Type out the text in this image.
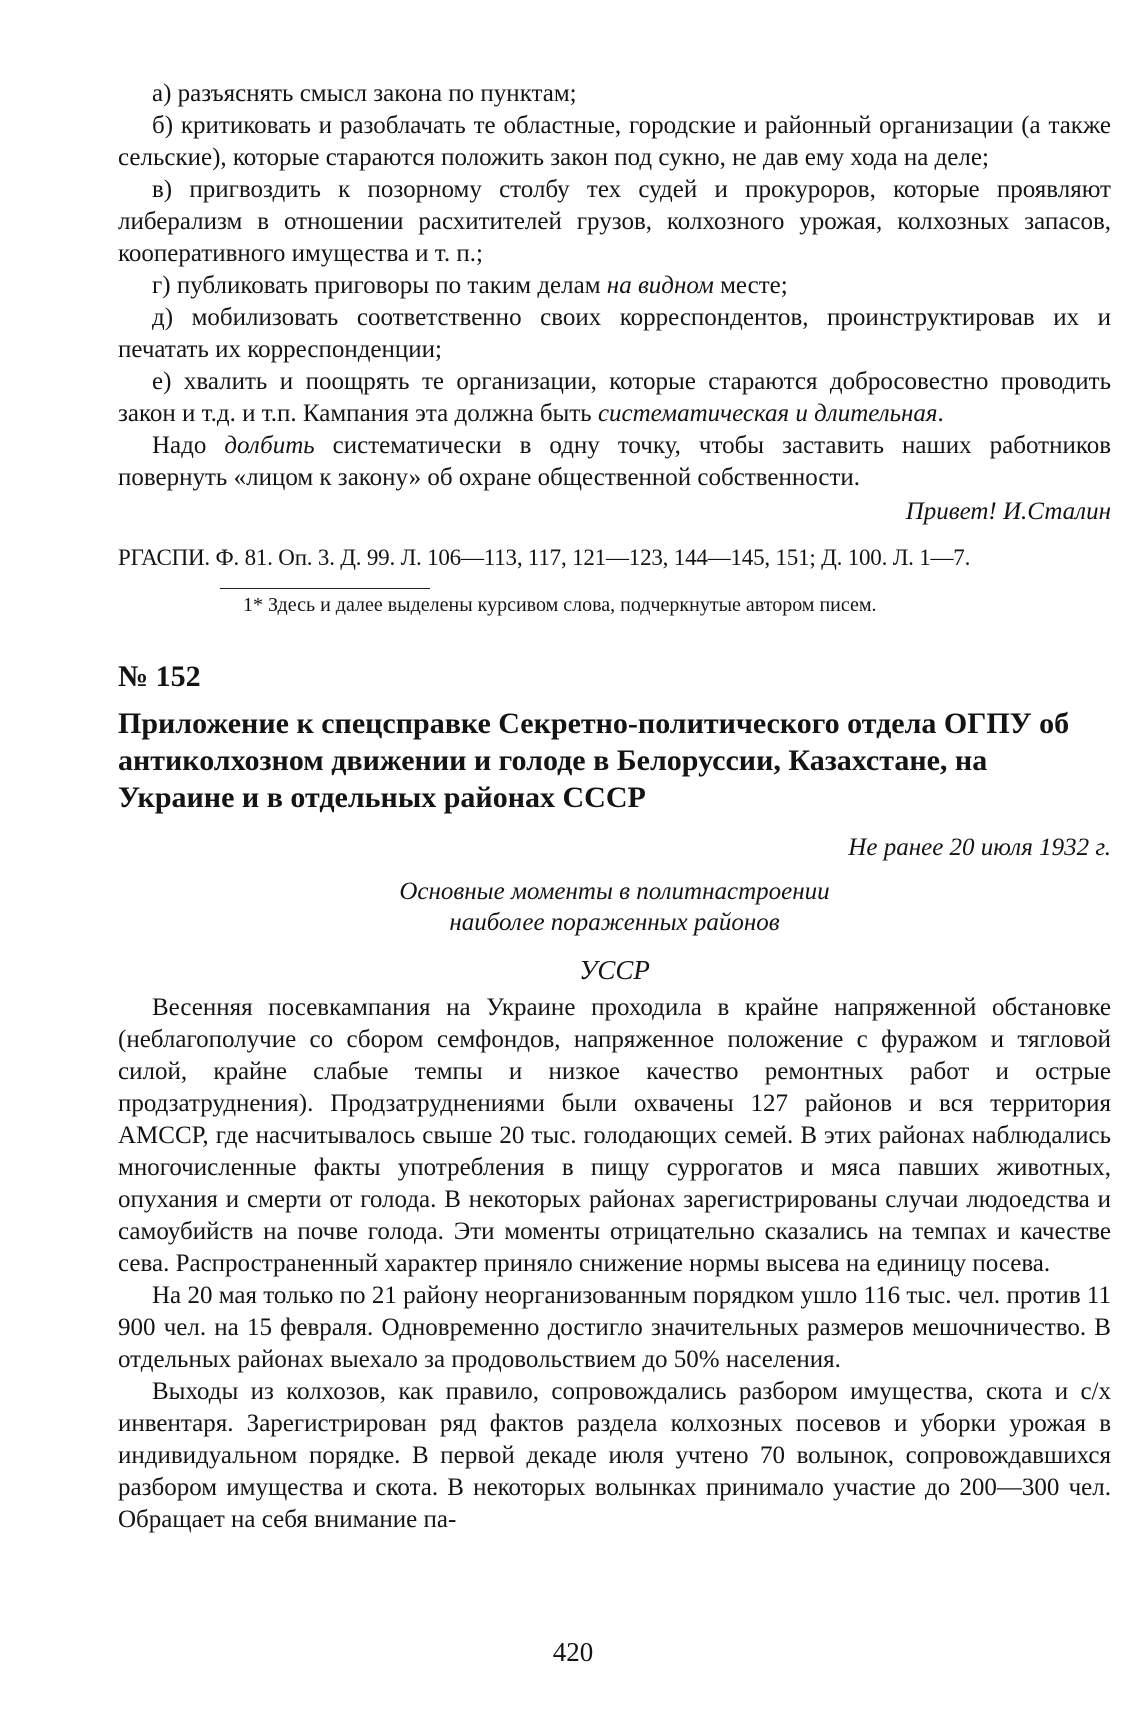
а) разъяснять смысл закона по пунктам;

б) критиковать и разоблачать те областные, городские и районный организации (а также сельские), которые стараются положить закон под сукно, не дав ему хода на деле;

в) пригвоздить к позорному столбу тех судей и прокуроров, которые проявляют либерализм в отношении расхитителей грузов, колхозного урожая, колхозных запасов, кооперативного имущества и т. п.;

г) публиковать приговоры по таким делам на видном месте;

д) мобилизовать соответственно своих корреспондентов, проинструктировав их и печатать их корреспонденции;

е) хвалить и поощрять те организации, которые стараются добросовестно проводить закон и т.д. и т.п. Кампания эта должна быть систематическая и длительная.

Надо долбить систематически в одну точку, чтобы заставить наших работников повернуть «лицом к закону» об охране общественной собственности.

Привет! И.Сталин

РГАСПИ. Ф. 81. Оп. 3. Д. 99. Л. 106—113, 117, 121—123, 144—145, 151; Д. 100. Л. 1—7.

1* Здесь и далее выделены курсивом слова, подчеркнутые автором писем.

№ 152

Приложение к спецсправке Секретно-политического отдела ОГПУ об антиколхозном движении и голоде в Белоруссии, Казахстане, на Украине и в отдельных районах СССР

Не ранее 20 июля 1932 г.
Основные моменты в политнастроении
наиболее пораженных районов
УССР

Весенняя посевкампания на Украине проходила в крайне напряженной обстановке (неблагополучие со сбором семфондов, напряженное положение с фуражом и тягловой силой, крайне слабые темпы и низкое качество ремонтных работ и острые продзатруднения). Продзатруднениями были охвачены 127 районов и вся территория АМССР, где насчитывалось свыше 20 тыс. голодающих семей. В этих районах наблюдались многочисленные факты употребления в пищу суррогатов и мяса павших животных, опухания и смерти от голода. В некоторых районах зарегистрированы случаи людоедства и самоубийств на почве голода. Эти моменты отрицательно сказались на темпах и качестве сева. Распространенный характер приняло снижение нормы высева на единицу посева.

На 20 мая только по 21 району неорганизованным порядком ушло 116 тыс. чел. против 11 900 чел. на 15 февраля. Одновременно достигло значительных размеров мешочничество. В отдельных районах выехало за продовольствием до 50% населения.

Выходы из колхозов, как правило, сопровождались разбором имущества, скота и с/х инвентаря. Зарегистрирован ряд фактов раздела колхозных посевов и уборки урожая в индивидуальном порядке. В первой декаде июля учтено 70 волынок, сопровождавшихся разбором имущества и скота. В некоторых волынках принимало участие до 200—300 чел. Обращает на себя внимание па-

420
